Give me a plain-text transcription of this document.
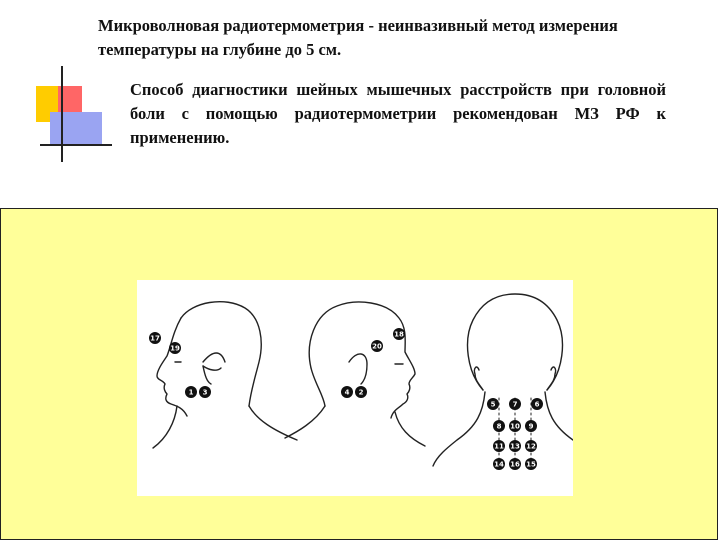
Микроволновая радиотермометрия - неинвазивный метод измерения температуры на глубине до 5 см.

Способ диагностики шейных мышечных расстройств при головной боли с помощью радиотермометрии рекомендован МЗ РФ к применению.

17
19
1 3
18
20
4 2
5 7 6
8 10 9
11 13 12
14 16 15
